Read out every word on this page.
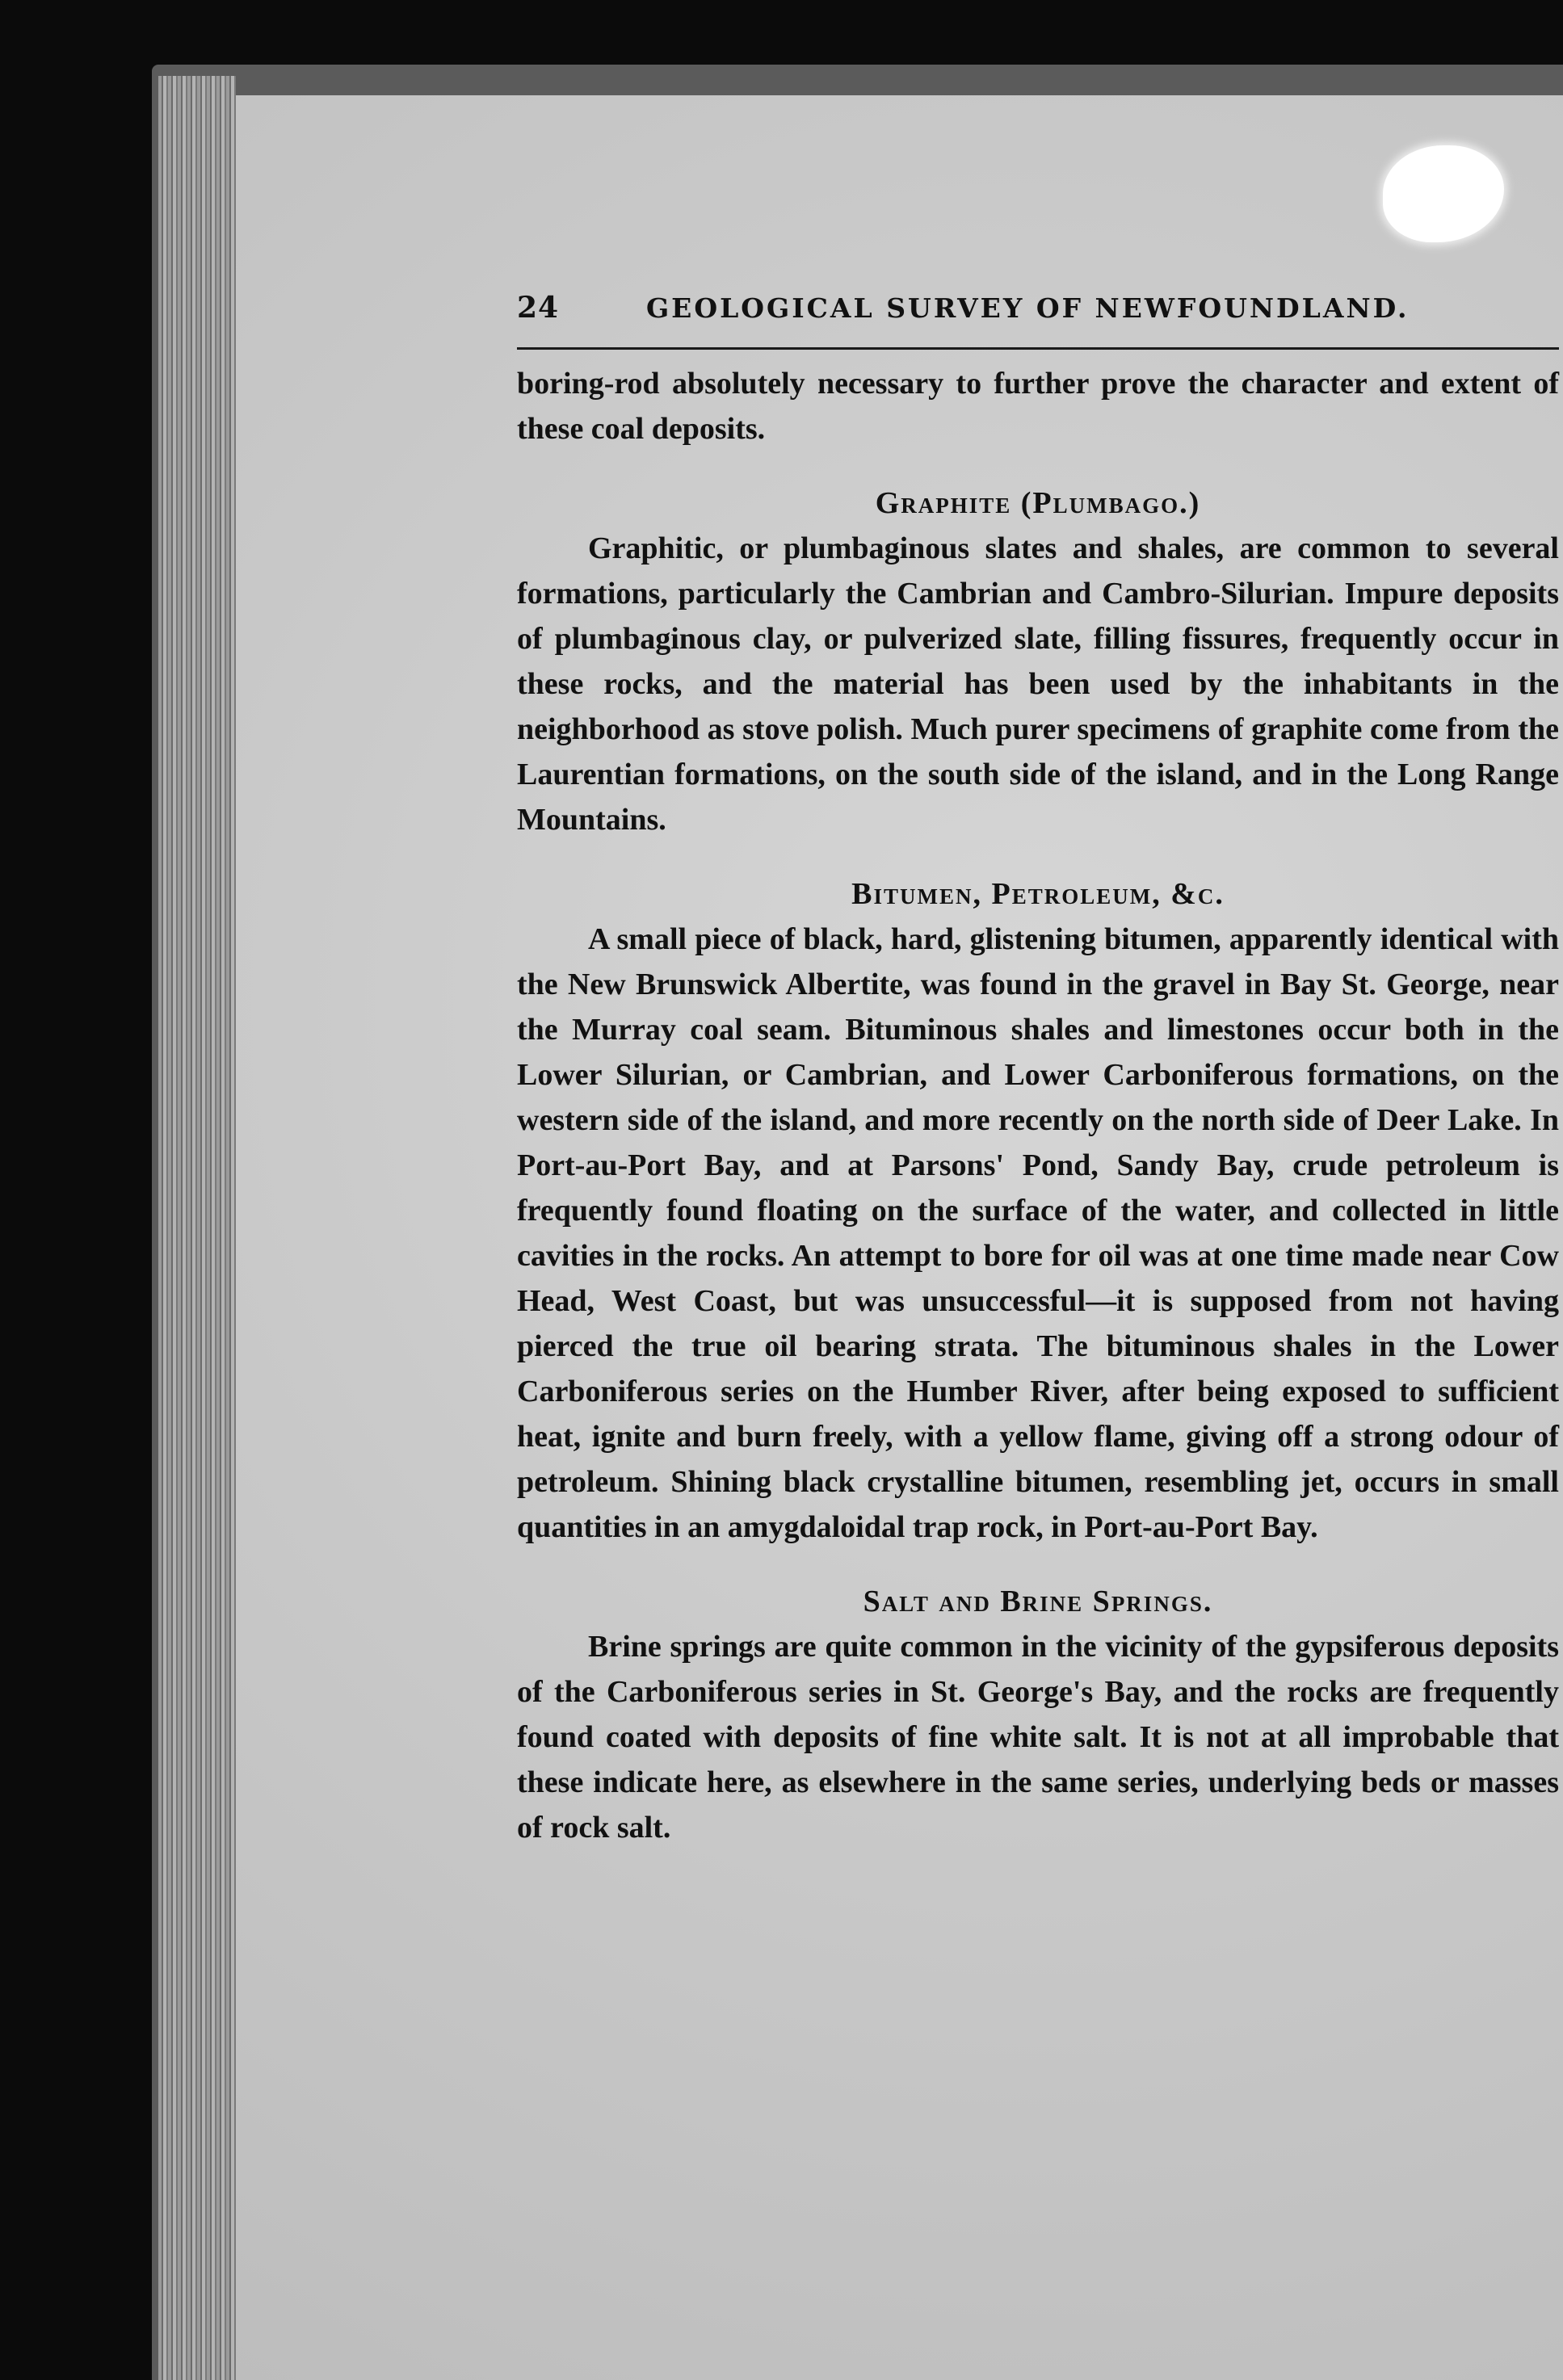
24	GEOLOGICAL SURVEY OF NEWFOUNDLAND.

boring-rod absolutely necessary to further prove the character and extent of these coal deposits.

Graphite (Plumbago.)

Graphitic, or plumbaginous slates and shales, are common to several formations, particularly the Cambrian and Cambro-Silurian. Impure deposits of plumbaginous clay, or pulverized slate, filling fissures, frequently occur in these rocks, and the material has been used by the inhabitants in the neighborhood as stove polish. Much purer specimens of graphite come from the Laurentian formations, on the south side of the island, and in the Long Range Mountains.

Bitumen, Petroleum, &c.

A small piece of black, hard, glistening bitumen, apparently identical with the New Brunswick Albertite, was found in the gravel in Bay St. George, near the Murray coal seam. Bituminous shales and limestones occur both in the Lower Silurian, or Cambrian, and Lower Carboniferous formations, on the western side of the island, and more recently on the north side of Deer Lake. In Port-au-Port Bay, and at Parsons' Pond, Sandy Bay, crude petroleum is frequently found floating on the surface of the water, and collected in little cavities in the rocks. An attempt to bore for oil was at one time made near Cow Head, West Coast, but was unsuccessful—it is supposed from not having pierced the true oil bearing strata. The bituminous shales in the Lower Carboniferous series on the Humber River, after being exposed to sufficient heat, ignite and burn freely, with a yellow flame, giving off a strong odour of petroleum. Shining black crystalline bitumen, resembling jet, occurs in small quantities in an amygdaloidal trap rock, in Port-au-Port Bay.

Salt and Brine Springs.

Brine springs are quite common in the vicinity of the gypsiferous deposits of the Carboniferous series in St. George's Bay, and the rocks are frequently found coated with deposits of fine white salt. It is not at all improbable that these indicate here, as elsewhere in the same series, underlying beds or masses of rock salt.
